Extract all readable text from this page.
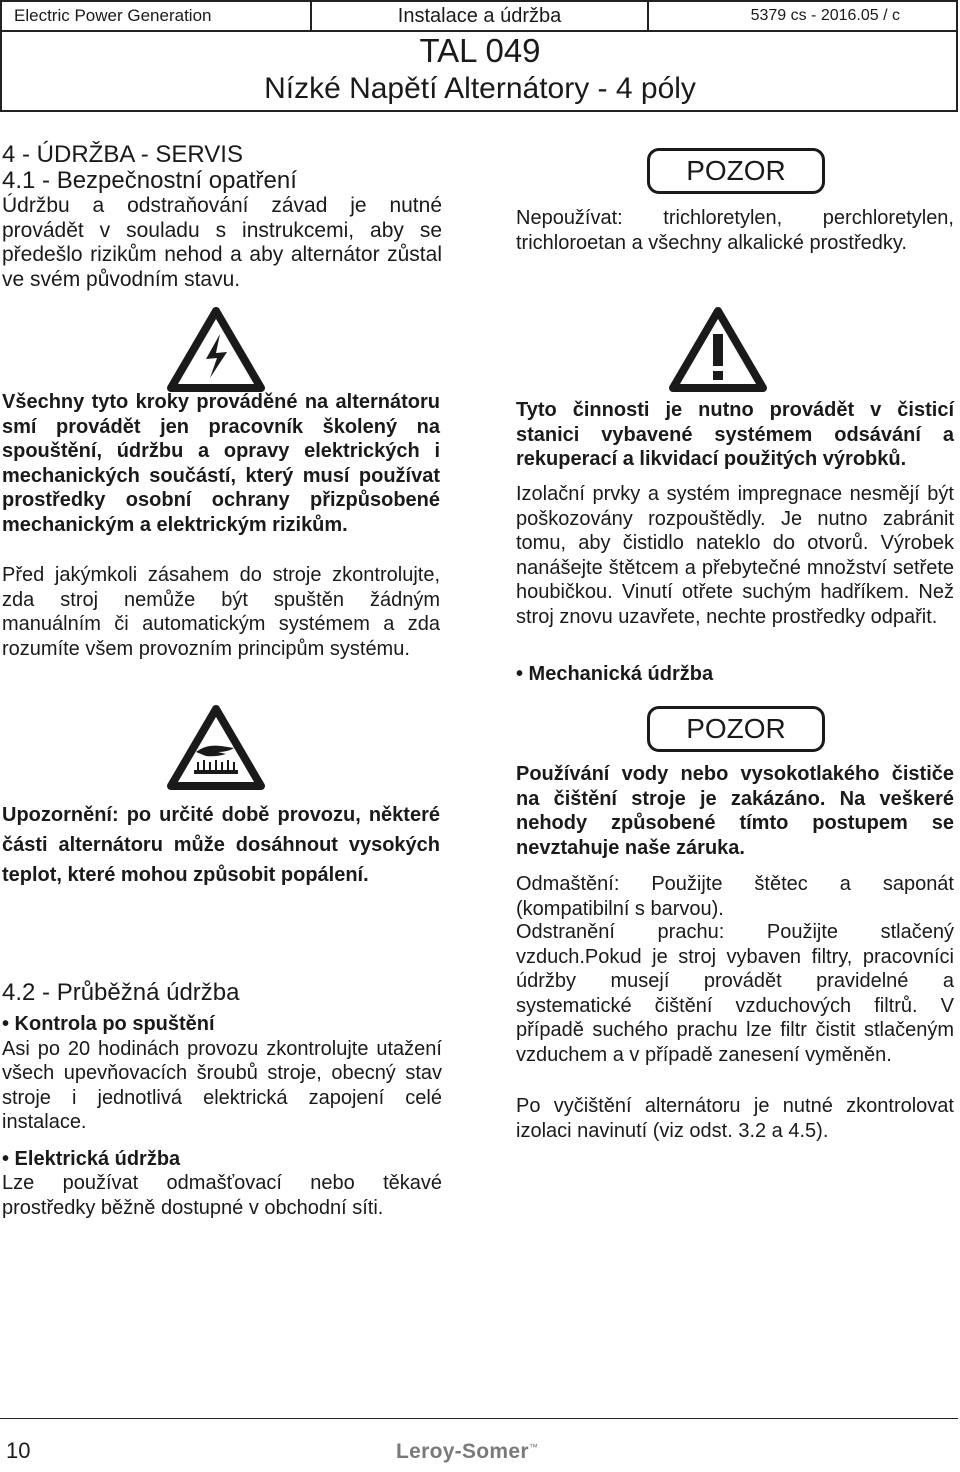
Electric Power Generation	Instalace a údržba	5379 cs - 2016.05 / c
TAL 049
Nízké Napětí Alternátory - 4 póly

4 - ÚDRŽBA - SERVIS

4.1 - Bezpečnostní opatření

Údržbu a odstraňování závad je nutné provádět v souladu s instrukcemi, aby se předešlo rizikům nehod a aby alternátor zůstal ve svém původním stavu.

Všechny tyto kroky prováděné na alternátoru smí provádět jen pracovník školený na spouštění, údržbu a opravy elektrických i mechanických součástí, který musí používat prostředky osobní ochrany přizpůsobené mechanickým a elektrickým rizikům.

Před jakýmkoli zásahem do stroje zkontrolujte, zda stroj nemůže být spuštěn žádným manuálním či automatickým systémem a zda rozumíte všem provozním principům systému.

Upozornění: po určité době provozu, některé části alternátoru může dosáhnout vysokých teplot, které mohou způsobit popálení.

4.2 - Průběžná údržba

• Kontrola po spuštění

Asi po 20 hodinách provozu zkontrolujte utažení všech upevňovacích šroubů stroje, obecný stav stroje i jednotlivá elektrická zapojení celé instalace.

• Elektrická údržba

Lze používat odmašťovací nebo těkavé prostředky běžně dostupné v obchodní síti.

POZOR

Nepoužívat: trichloretylen, perchloretylen, trichloroetan a všechny alkalické prostředky.

Tyto činnosti je nutno provádět v čisticí stanici vybavené systémem odsávání a rekuperací a likvidací použitých výrobků.

Izolační prvky a systém impregnace nesmějí být poškozovány rozpouštědly. Je nutno zabránit tomu, aby čistidlo nateklo do otvorů. Výrobek nanášejte štětcem a přebytečné množství setřete houbičkou. Vinutí otřete suchým hadříkem. Než stroj znovu uzavřete, nechte prostředky odpařit.

• Mechanická údržba

POZOR

Používání vody nebo vysokotlakého čističe na čištění stroje je zakázáno. Na veškeré nehody způsobené tímto postupem se nevztahuje naše záruka.

Odmaštění: Použijte štětec a saponát (kompatibilní s barvou).

Odstranění prachu: Použijte stlačený vzduch.Pokud je stroj vybaven filtry, pracovníci údržby musejí provádět pravidelné a systematické čištění vzduchových filtrů. V případě suchého prachu lze filtr čistit stlačeným vzduchem a v případě zanesení vyměněn.

Po vyčištění alternátoru je nutné zkontrolovat izolaci navinutí (viz odst. 3.2 a 4.5).

10	Leroy-Somer™
